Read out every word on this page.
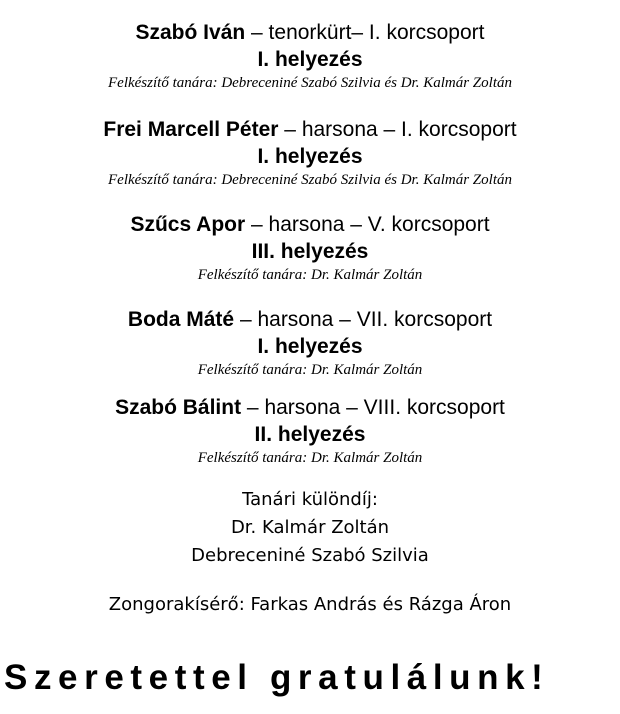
Szabó Iván – tenorkürt– I. korcsoport
I. helyezés
Felkészítő tanára: Debreceniné Szabó Szilvia és Dr. Kalmár Zoltán
Frei Marcell Péter – harsona – I. korcsoport
I. helyezés
Felkészítő tanára: Debreceniné Szabó Szilvia és Dr. Kalmár Zoltán
Szűcs Apor – harsona – V. korcsoport
III. helyezés
Felkészítő tanára: Dr. Kalmár Zoltán
Boda Máté – harsona – VII. korcsoport
I. helyezés
Felkészítő tanára: Dr. Kalmár Zoltán
Szabó Bálint – harsona – VIII. korcsoport
II. helyezés
Felkészítő tanára: Dr. Kalmár Zoltán
Tanári különdíj:
Dr. Kalmár Zoltán
Debreceniné Szabó Szilvia
Zongorakísérő: Farkas András és Rázga Áron
Szeretettel gratulálunk!
